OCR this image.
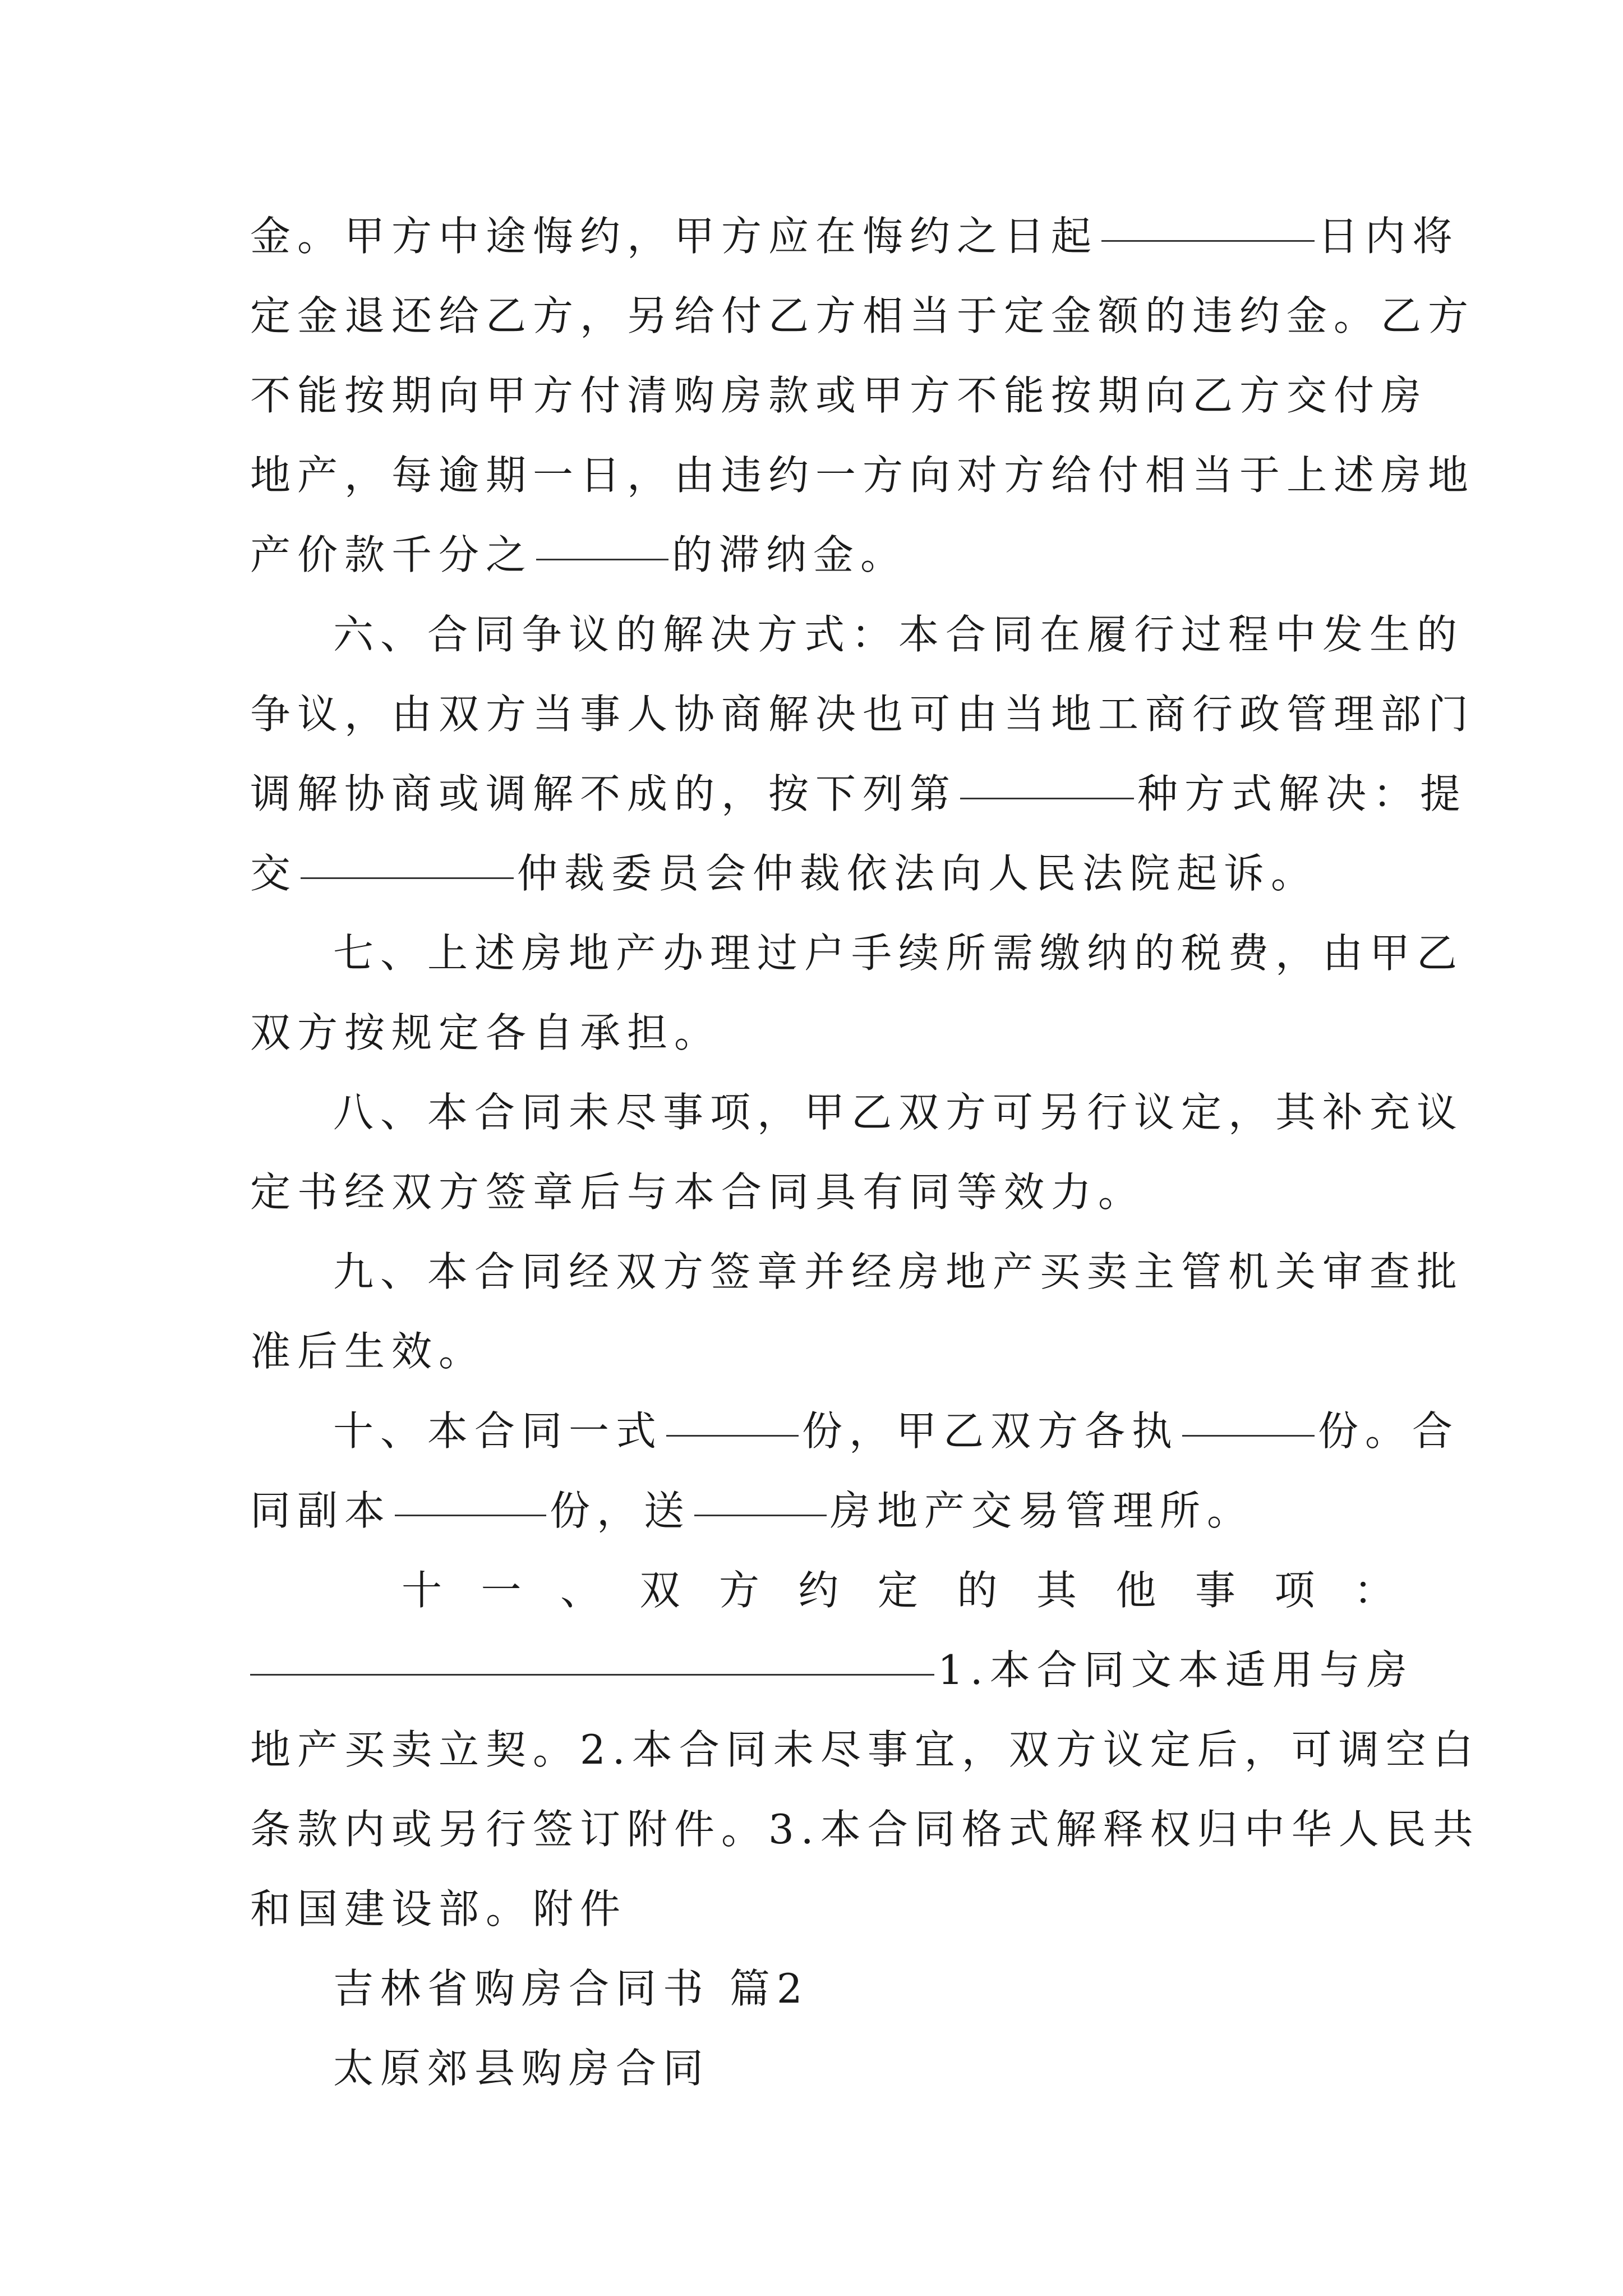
金。甲方中途悔约，甲方应在悔约之日起	日内将
定金退还给乙方，另给付乙方相当于定金额的违约金。乙方
不能按期向甲方付清购房款或甲方不能按期向乙方交付房
地产，每逾期一日，由违约一方向对方给付相当于上述房地
产价款千分之	的滞纳金。
六、合同争议的解决方式：本合同在履行过程中发生的
争议，由双方当事人协商解决也可由当地工商行政管理部门
调解协商或调解不成的，按下列第	种方式解决：提
交	仲裁委员会仲裁依法向人民法院起诉。
七、上述房地产办理过户手续所需缴纳的税费，由甲乙
双方按规定各自承担。
八、本合同未尽事项，甲乙双方可另行议定，其补充议
定书经双方签章后与本合同具有同等效力。
九、本合同经双方签章并经房地产买卖主管机关审查批
准后生效。
十、本合同一式	份，甲乙双方各执	份。合
同副本	份，送	房地产交易管理所。
十 一 、 双 方 约 定 的 其 他 事 项 ：
1.本合同文本适用与房
地产买卖立契。2.本合同未尽事宜，双方议定后，可调空白
条款内或另行签订附件。3.本合同格式解释权归中华人民共
和国建设部。附件
吉林省购房合同书 篇2
太原郊县购房合同
